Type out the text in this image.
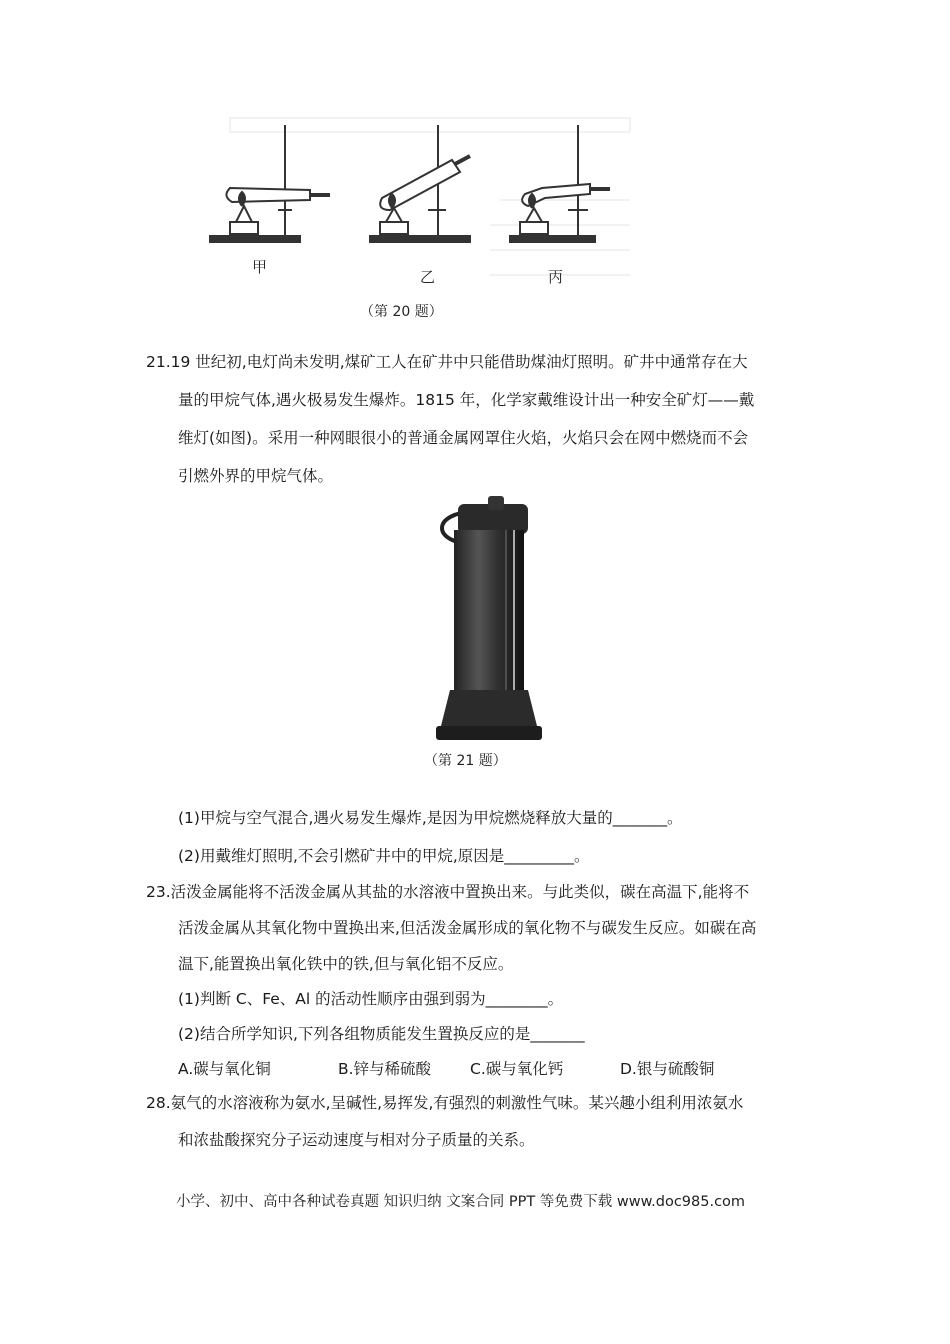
甲
乙	丙
（第 20 题）
21.19 世纪初,电灯尚未发明,煤矿工人在矿井中只能借助煤油灯照明。矿井中通常存在大
量的甲烷气体,遇火极易发生爆炸。1815 年，化学家戴维设计出一种安全矿灯——戴
维灯(如图)。采用一种网眼很小的普通金属网罩住火焰，火焰只会在网中燃烧而不会
引燃外界的甲烷气体。
（第 21 题）
(1)甲烷与空气混合,遇火易发生爆炸,是因为甲烷燃烧释放大量的_______。
(2)用戴维灯照明,不会引燃矿井中的甲烷,原因是_________。
23.活泼金属能将不活泼金属从其盐的水溶液中置换出来。与此类似，碳在高温下,能将不
活泼金属从其氧化物中置换出来,但活泼金属形成的氧化物不与碳发生反应。如碳在高
温下,能置换出氧化铁中的铁,但与氧化铝不反应。
(1)判断 C、Fe、Al 的活动性顺序由强到弱为________。
(2)结合所学知识,下列各组物质能发生置换反应的是_______
A.碳与氧化铜	B.锌与稀硫酸	C.碳与氧化钙	D.银与硫酸铜
28.氨气的水溶液称为氨水,呈碱性,易挥发,有强烈的刺激性气味。某兴趣小组利用浓氨水
和浓盐酸探究分子运动速度与相对分子质量的关系。
小学、初中、高中各种试卷真题 知识归纳 文案合同 PPT 等免费下载 www.doc985.com
